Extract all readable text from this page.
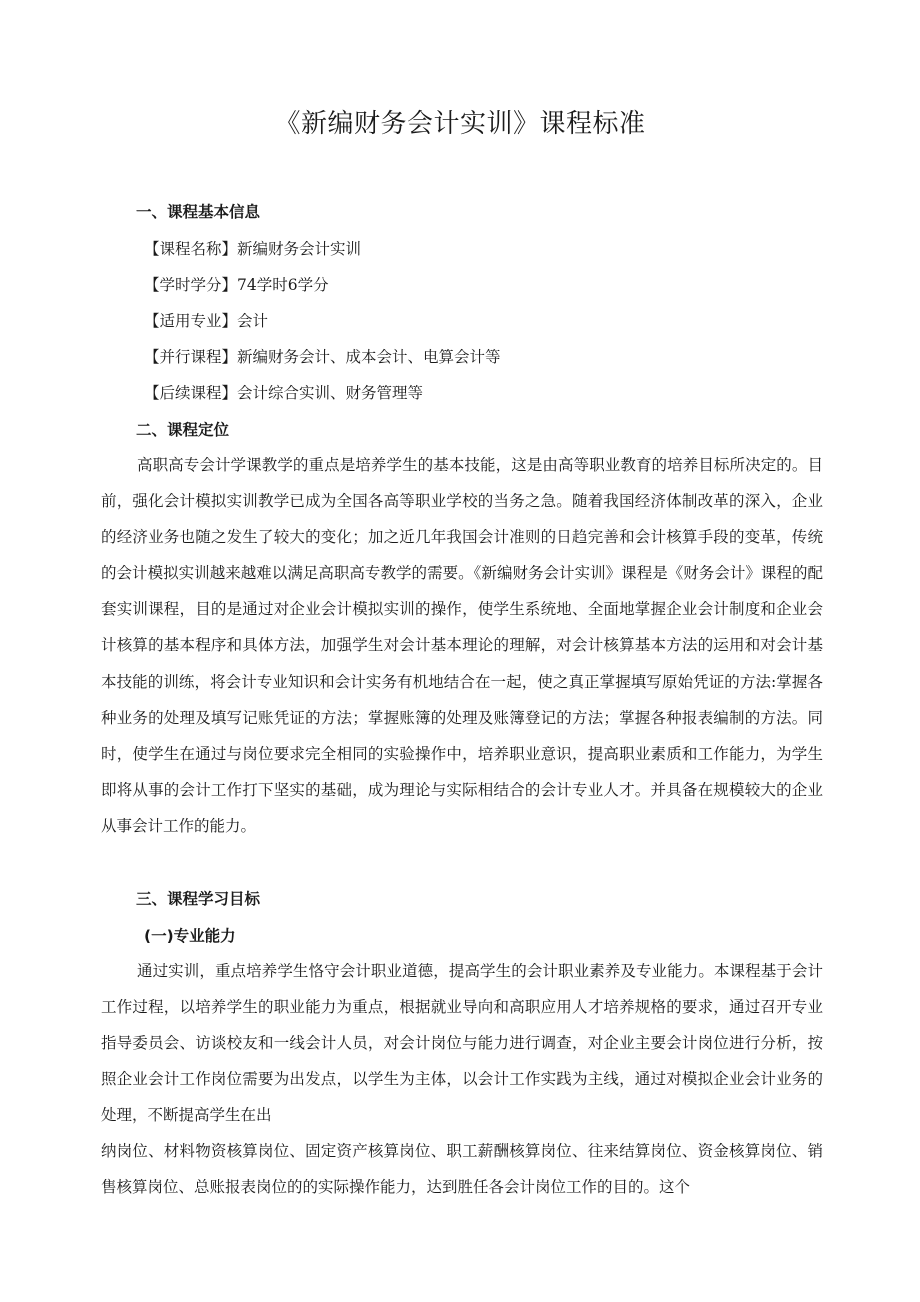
《新编财务会计实训》课程标准
一、课程基本信息

【课程名称】新编财务会计实训

【学时学分】74学时6学分

【适用专业】会计

【并行课程】新编财务会计、成本会计、电算会计等

【后续课程】会计综合实训、财务管理等

二、课程定位

高职高专会计学课教学的重点是培养学生的基本技能，这是由高等职业教育的培养目标所决定的。目前，强化会计模拟实训教学已成为全国各高等职业学校的当务之急。随着我国经济体制改革的深入，企业的经济业务也随之发生了较大的变化；加之近几年我国会计准则的日趋完善和会计核算手段的变革，传统的会计模拟实训越来越难以满足高职高专教学的需要。《新编财务会计实训》课程是《财务会计》课程的配套实训课程，目的是通过对企业会计模拟实训的操作，使学生系统地、全面地掌握企业会计制度和企业会计核算的基本程序和具体方法，加强学生对会计基本理论的理解，对会计核算基本方法的运用和对会计基本技能的训练，将会计专业知识和会计实务有机地结合在一起，使之真正掌握填写原始凭证的方法:掌握各种业务的处理及填写记账凭证的方法；掌握账簿的处理及账簿登记的方法；掌握各种报表编制的方法。同时，使学生在通过与岗位要求完全相同的实验操作中，培养职业意识，提高职业素质和工作能力，为学生即将从事的会计工作打下坚实的基础，成为理论与实际相结合的会计专业人才。并具备在规模较大的企业从事会计工作的能力。

三、课程学习目标
(一)专业能力

通过实训，重点培养学生恪守会计职业道德，提高学生的会计职业素养及专业能力。本课程基于会计工作过程，以培养学生的职业能力为重点，根据就业导向和高职应用人才培养规格的要求，通过召开专业指导委员会、访谈校友和一线会计人员，对会计岗位与能力进行调查，对企业主要会计岗位进行分析，按照企业会计工作岗位需要为出发点，以学生为主体，以会计工作实践为主线，通过对模拟企业会计业务的处理，不断提高学生在出

纳岗位、材料物资核算岗位、固定资产核算岗位、职工薪酬核算岗位、往来结算岗位、资金核算岗位、销售核算岗位、总账报表岗位的的实际操作能力，达到胜任各会计岗位工作的目的。这个
